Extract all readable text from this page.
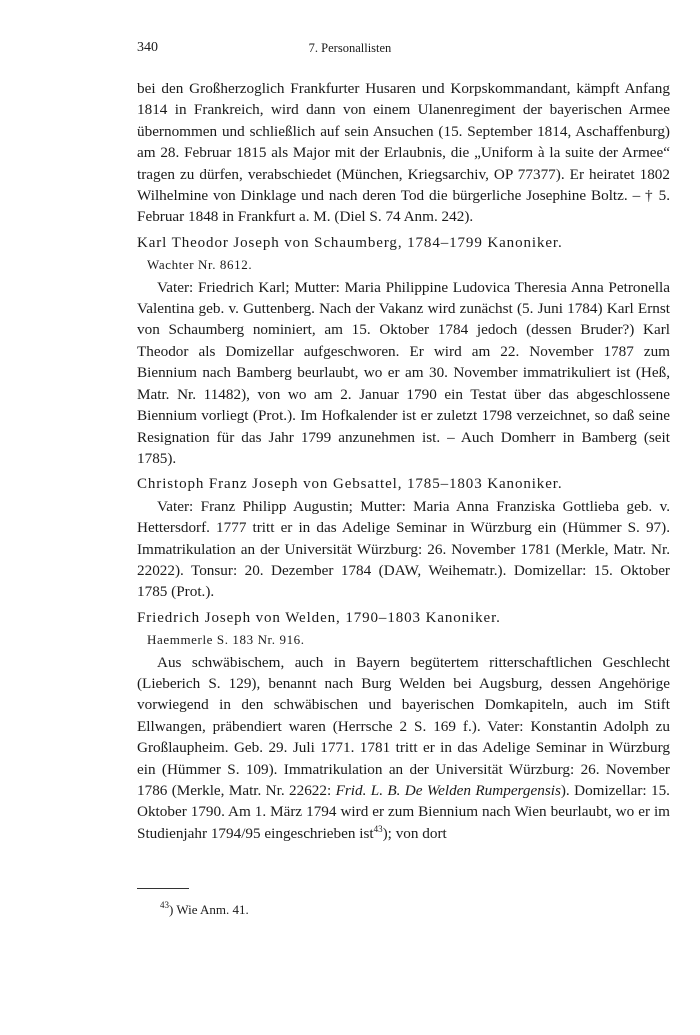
340	7. Personallisten

bei den Großherzoglich Frankfurter Husaren und Korpskommandant, kämpft Anfang 1814 in Frankreich, wird dann von einem Ulanenregiment der bayerischen Armee übernommen und schließlich auf sein Ansuchen (15. September 1814, Aschaffenburg) am 28. Februar 1815 als Major mit der Erlaubnis, die „Uniform à la suite der Armee“ tragen zu dürfen, verabschiedet (München, Kriegsarchiv, OP 77377). Er heiratet 1802 Wilhelmine von Dinklage und nach deren Tod die bürgerliche Josephine Boltz. – † 5. Februar 1848 in Frankfurt a. M. (Diel S. 74 Anm. 242).

Karl Theodor Joseph von Schaumberg, 1784–1799 Kanoniker.

Wachter Nr. 8612.

Vater: Friedrich Karl; Mutter: Maria Philippine Ludovica Theresia Anna Petronella Valentina geb. v. Guttenberg. Nach der Vakanz wird zunächst (5. Juni 1784) Karl Ernst von Schaumberg nominiert, am 15. Oktober 1784 jedoch (dessen Bruder?) Karl Theodor als Domizellar aufgeschworen. Er wird am 22. November 1787 zum Biennium nach Bamberg beurlaubt, wo er am 30. November immatrikuliert ist (Heß, Matr. Nr. 11482), von wo am 2. Januar 1790 ein Testat über das abgeschlossene Biennium vorliegt (Prot.). Im Hofkalender ist er zuletzt 1798 verzeichnet, so daß seine Resignation für das Jahr 1799 anzunehmen ist. – Auch Domherr in Bamberg (seit 1785).

Christoph Franz Joseph von Gebsattel, 1785–1803 Kanoniker.

Vater: Franz Philipp Augustin; Mutter: Maria Anna Franziska Gottlieba geb. v. Hettersdorf. 1777 tritt er in das Adelige Seminar in Würzburg ein (Hümmer S. 97). Immatrikulation an der Universität Würzburg: 26. November 1781 (Merkle, Matr. Nr. 22022). Tonsur: 20. Dezember 1784 (DAW, Weihematr.). Domizellar: 15. Oktober 1785 (Prot.).

Friedrich Joseph von Welden, 1790–1803 Kanoniker.

Haemmerle S. 183 Nr. 916.

Aus schwäbischem, auch in Bayern begütertem ritterschaftlichen Geschlecht (Lieberich S. 129), benannt nach Burg Welden bei Augsburg, dessen Angehörige vorwiegend in den schwäbischen und bayerischen Domkapiteln, auch im Stift Ellwangen, präbendiert waren (Herrsche 2 S. 169 f.). Vater: Konstantin Adolph zu Großlaupheim. Geb. 29. Juli 1771. 1781 tritt er in das Adelige Seminar in Würzburg ein (Hümmer S. 109). Immatrikulation an der Universität Würzburg: 26. November 1786 (Merkle, Matr. Nr. 22622: Frid. L. B. De Welden Rumpergensis). Domizellar: 15. Oktober 1790. Am 1. März 1794 wird er zum Biennium nach Wien beurlaubt, wo er im Studienjahr 1794/95 eingeschrieben ist$^{43}$); von dort

$^{43}$) Wie Anm. 41.
